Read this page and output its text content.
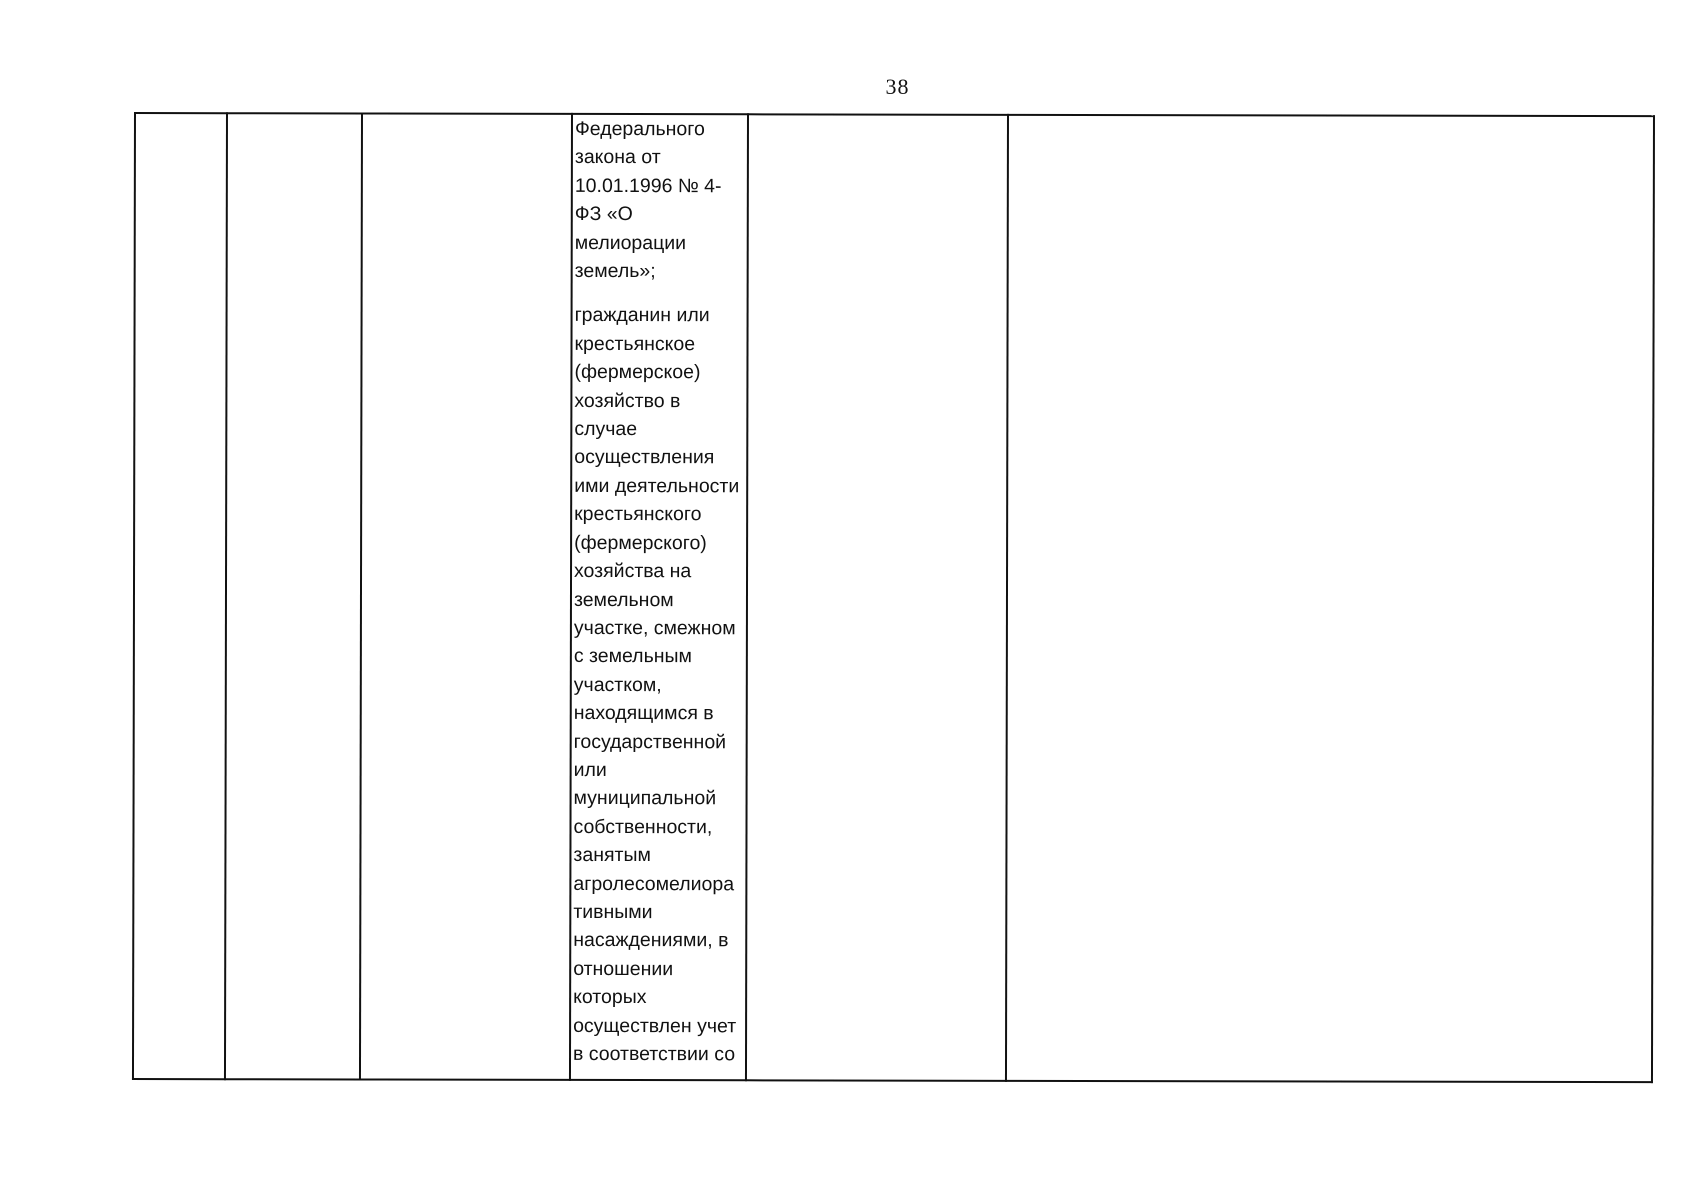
38

Федерального
закона от
10.01.1996 № 4-
ФЗ «О
мелиорации
земель»;
гражданин или
крестьянское
(фермерское)
хозяйство в
случае
осуществления
ими деятельности
крестьянского
(фермерского)
хозяйства на
земельном
участке, смежном
с земельным
участком,
находящимся в
государственной
или
муниципальной
собственности,
занятым
агролесомелиора
тивными
насаждениями, в
отношении
которых
осуществлен учет
в соответствии со
